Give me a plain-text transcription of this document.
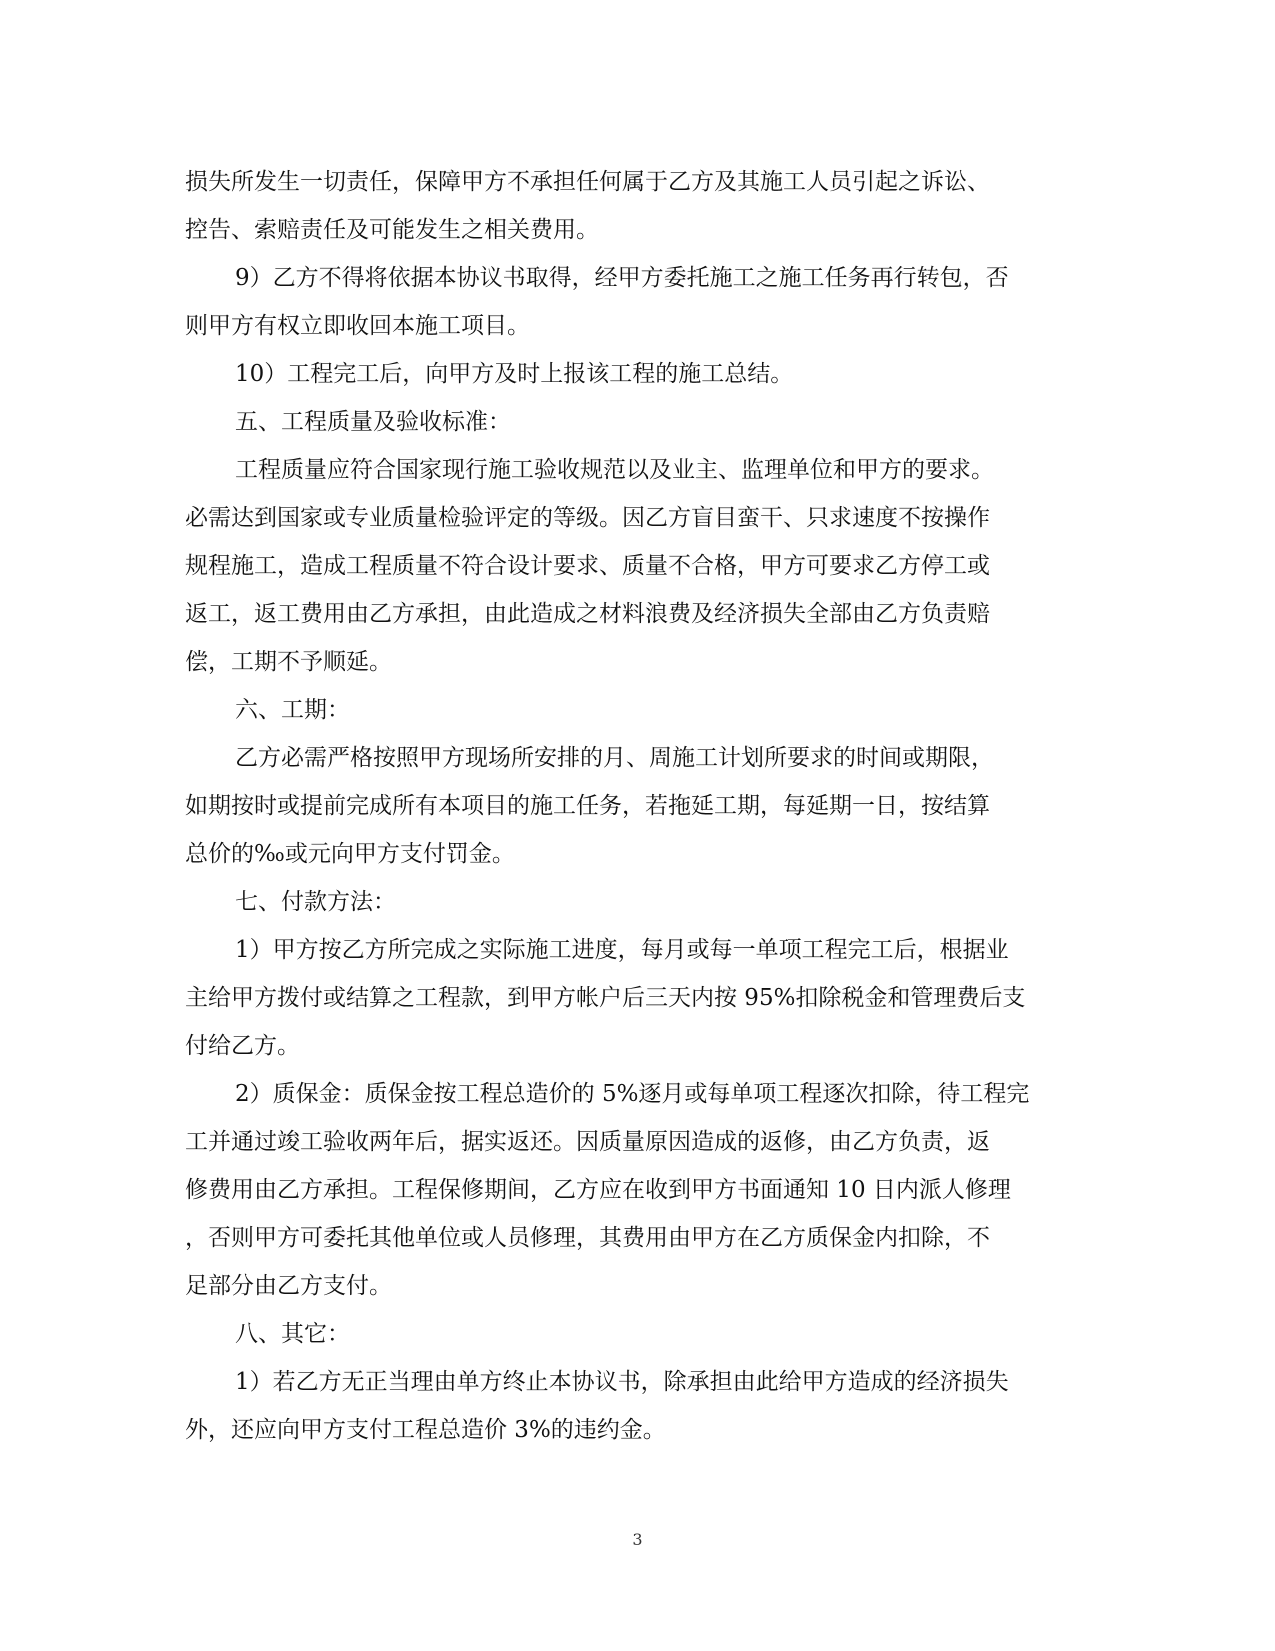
损失所发生一切责任，保障甲方不承担任何属于乙方及其施工人员引起之诉讼、
控告、索赔责任及可能发生之相关费用。
9）乙方不得将依据本协议书取得，经甲方委托施工之施工任务再行转包，否
则甲方有权立即收回本施工项目。
10）工程完工后，向甲方及时上报该工程的施工总结。
五、工程质量及验收标准：
工程质量应符合国家现行施工验收规范以及业主、监理单位和甲方的要求。
必需达到国家或专业质量检验评定的等级。因乙方盲目蛮干、只求速度不按操作
规程施工，造成工程质量不符合设计要求、质量不合格，甲方可要求乙方停工或
返工，返工费用由乙方承担，由此造成之材料浪费及经济损失全部由乙方负责赔
偿，工期不予顺延。
六、工期：
乙方必需严格按照甲方现场所安排的月、周施工计划所要求的时间或期限，
如期按时或提前完成所有本项目的施工任务，若拖延工期，每延期一日，按结算
总价的‰或元向甲方支付罚金。
七、付款方法：
1）甲方按乙方所完成之实际施工进度，每月或每一单项工程完工后，根据业
主给甲方拨付或结算之工程款，到甲方帐户后三天内按 95%扣除税金和管理费后支
付给乙方。
2）质保金：质保金按工程总造价的 5%逐月或每单项工程逐次扣除，待工程完
工并通过竣工验收两年后，据实返还。因质量原因造成的返修，由乙方负责，返
修费用由乙方承担。工程保修期间，乙方应在收到甲方书面通知 10 日内派人修理
，否则甲方可委托其他单位或人员修理，其费用由甲方在乙方质保金内扣除，不
足部分由乙方支付。
八、其它：
1）若乙方无正当理由单方终止本协议书，除承担由此给甲方造成的经济损失
外，还应向甲方支付工程总造价 3%的违约金。
3
